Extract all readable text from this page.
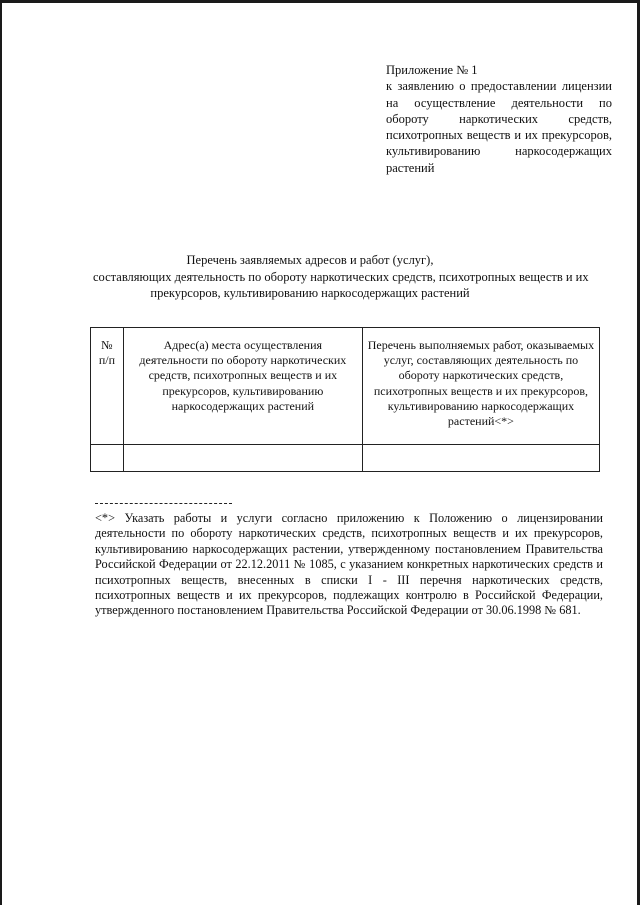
Приложение № 1
к заявлению о предоставлении лицензии на осуществление деятельности по обороту наркотических средств, психотропных веществ и их прекурсоров, культивированию наркосодержащих растений
Перечень заявляемых адресов и работ (услуг),
составляющих деятельность по обороту наркотических средств, психотропных веществ и их
прекурсоров, культивированию наркосодержащих растений
№ п/п	Адрес(а) места осуществления деятельности по обороту наркотических средств, психотропных веществ и их прекурсоров, культивированию наркосодержащих растений	Перечень выполняемых работ, оказываемых услуг, составляющих деятельность по обороту наркотических средств, психотропных веществ и их прекурсоров, культивированию наркосодержащих растений<*>

<*> Указать работы и услуги согласно приложению к Положению о лицензировании деятельности по обороту наркотических средств, психотропных веществ и их прекурсоров, культивированию наркосодержащих растении, утвержденному постановлением Правительства Российской Федерации от 22.12.2011 № 1085, с указанием конкретных наркотических средств и психотропных веществ, внесенных в списки I - III перечня наркотических средств, психотропных веществ и их прекурсоров, подлежащих контролю в Российской Федерации, утвержденного постановлением Правительства Российской Федерации от 30.06.1998 № 681.
